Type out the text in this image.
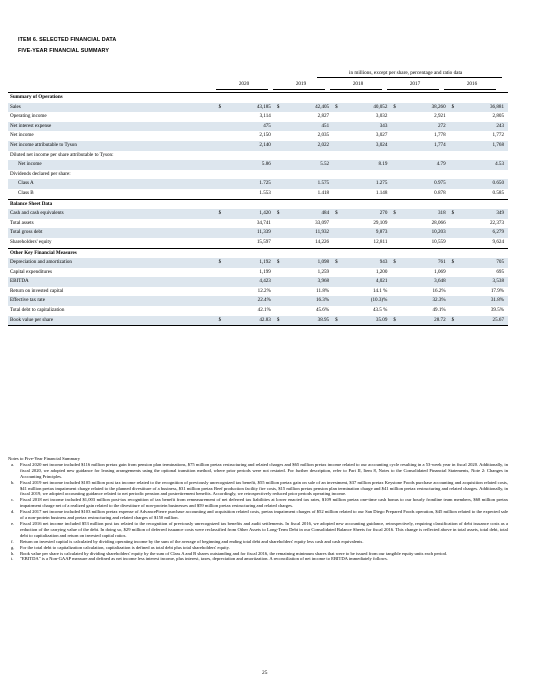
ITEM 6. SELECTED FINANCIAL DATA
FIVE-YEAR FINANCIAL SUMMARY
in millions, except per share, percentage and ratio data
2020	2019	2018	2017	2016
Summary of Operations										
Sales	$	43,185	$	42,405	$	40,052	$	38,260	$	36,881
Operating income		3,114		2,827		3,032		2,921		2,805
Net interest expense		475		451		343		272		243
Net income		2,150		2,035		3,027		1,778		1,772
Net income attributable to Tyson		2,140		2,022		3,024		1,774		1,768
Diluted net income per share attributable to Tyson:										
Net income		5.86		5.52		8.19		4.79		4.53
Dividends declared per share:										
Class A		1.725		1.575		1.275		0.975		0.650
Class B		1.553		1.418		1.148		0.878		0.585
Balance Sheet Data										
Cash and cash equivalents	$	1,420	$	484	$	270	$	318	$	349
Total assets		34,741		33,097		29,109		28,066		22,373
Total gross debt		11,339		11,932		9,873		10,203		6,279
Shareholders' equity		15,597		14,226		12,811		10,559		9,624
Other Key Financial Measures										
Depreciation and amortization	$	1,192	$	1,098	$	943	$	761	$	705
Capital expenditures		1,199		1,259		1,200		1,069		695
EBITDA		4,423		3,968		4,021		3,648		3,538
Return on invested capital		12.2%		11.8%		14.1 %		16.2%		17.9%
Effective tax rate		22.4%		16.3%		(10.3)%		32.3%		31.8%
Total debt to capitalization		42.1%		45.6%		43.5 %		49.1%		39.5%
Book value per share	$	42.83	$	38.95	$	35.09	$	28.72	$	25.67

Notes to Five-Year Financial Summary

a.	Fiscal 2020 net income included $116 million pretax gain from pension plan terminations, $75 million pretax restructuring and related charges and $65 million pretax income related to our accounting cycle resulting in a 53-week year in fiscal 2020. Additionally, in fiscal 2020, we adopted new guidance for leasing arrangements using the optional transition method, where prior periods were not restated. For further description, refer to Part II, Item 8, Notes to the Consolidated Financial Statements, Note 2: Changes in Accounting Principles.
b.	Fiscal 2019 net income included $105 million post tax income related to the recognition of previously unrecognized tax benefit, $55 million pretax gain on sale of an investment, $37 million pretax Keystone Foods purchase accounting and acquisition related costs, $41 million pretax impairment charge related to the planned divestiture of a business, $31 million pretax Beef production facility fire costs, $15 million pretax pension plan termination charge and $41 million pretax restructuring and related charges. Additionally, in fiscal 2019, we adopted accounting guidance related to net periodic pension and postretirement benefits. Accordingly, we retrospectively reduced prior periods operating income.
c.	Fiscal 2018 net income included $1,003 million post-tax recognition of tax benefit from remeasurement of net deferred tax liabilities at lower enacted tax rates, $109 million pretax one-time cash bonus to our hourly frontline team members, $68 million pretax impairment charge net of a realized gain related to the divestiture of non-protein businesses and $59 million pretax restructuring and related charges.
d.	Fiscal 2017 net income included $103 million pretax expense of AdvancePierre purchase accounting and acquisition related costs, pretax impairment charges of $52 million related to our San Diego Prepared Foods operation, $45 million related to the expected sale of a non-protein business and pretax restructuring and related charges of $150 million.
e.	Fiscal 2016 net income included $53 million post tax related to the recognition of previously unrecognized tax benefits and audit settlements. In fiscal 2016, we adopted new accounting guidance, retrospectively, requiring classification of debt issuance costs as a reduction of the carrying value of the debt. In doing so, $29 million of deferred issuance costs were reclassified from Other Assets to Long-Term Debt in our Consolidated Balance Sheets for fiscal 2016. This change is reflected above in total assets, total debt, total debt to capitalization and return on invested capital ratios.
f.	Return on invested capital is calculated by dividing operating income by the sum of the average of beginning and ending total debt and shareholders' equity less cash and cash equivalents.
g.	For the total debt to capitalization calculation, capitalization is defined as total debt plus total shareholders' equity.
h.	Book value per share is calculated by dividing shareholders' equity by the sum of Class A and B shares outstanding and for fiscal 2016, the remaining minimum shares that were to be issued from our tangible equity units each period.
i.	"EBITDA" is a Non-GAAP measure and defined as net income less interest income, plus interest, taxes, depreciation and amortization. A reconciliation of net income to EBITDA immediately follows.
25
